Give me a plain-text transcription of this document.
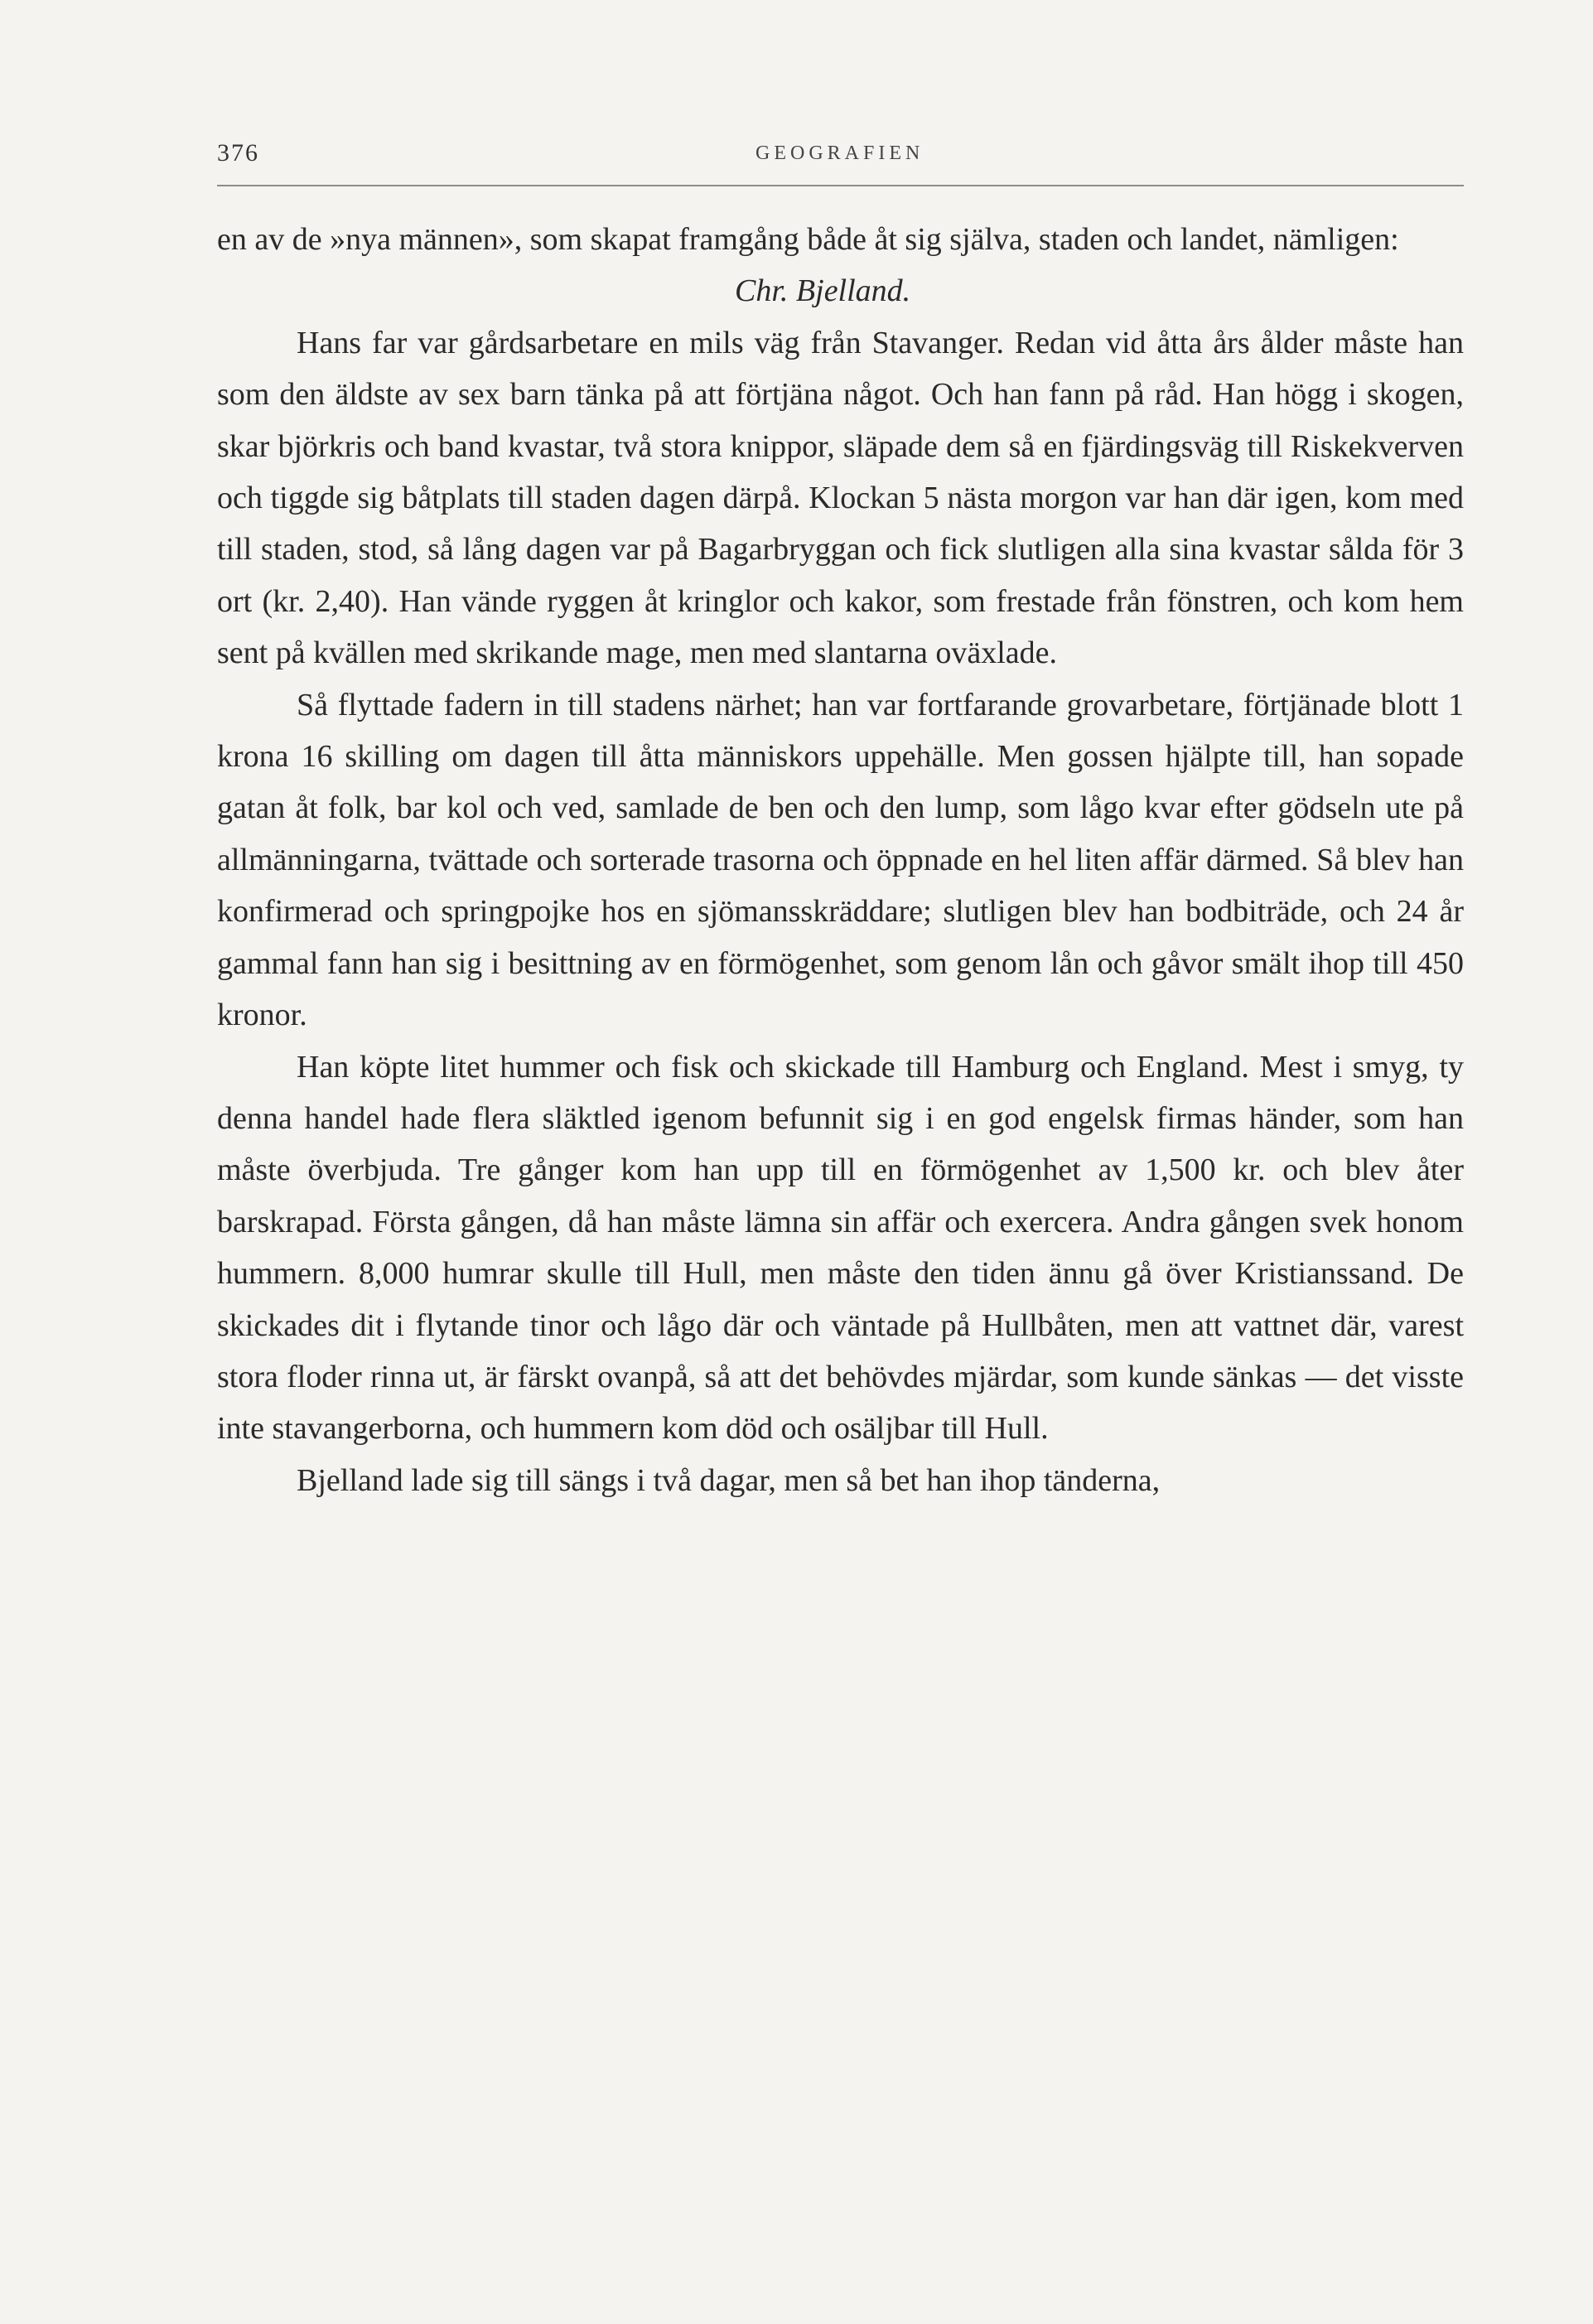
376	GEOGRAFIEN

en av de »nya männen», som skapat framgång både åt sig själva, staden och landet, nämligen:

Chr. Bjelland.

Hans far var gårdsarbetare en mils väg från Stavanger. Redan vid åtta års ålder måste han som den äldste av sex barn tänka på att förtjäna något. Och han fann på råd. Han högg i skogen, skar björkris och band kvastar, två stora knippor, släpade dem så en fjärdingsväg till Riskekverven och tiggde sig båtplats till staden dagen därpå. Klockan 5 nästa morgon var han där igen, kom med till staden, stod, så lång dagen var på Bagarbryggan och fick slutligen alla sina kvastar sålda för 3 ort (kr. 2,40). Han vände ryggen åt kringlor och kakor, som frestade från fönstren, och kom hem sent på kvällen med skrikande mage, men med slantarna oväxlade.

Så flyttade fadern in till stadens närhet; han var fortfarande grovarbetare, förtjänade blott 1 krona 16 skilling om dagen till åtta människors uppehälle. Men gossen hjälpte till, han sopade gatan åt folk, bar kol och ved, samlade de ben och den lump, som lågo kvar efter gödseln ute på allmänningarna, tvättade och sorterade trasorna och öppnade en hel liten affär därmed. Så blev han konfirmerad och springpojke hos en sjömansskräddare; slutligen blev han bodbiträde, och 24 år gammal fann han sig i besittning av en förmögenhet, som genom lån och gåvor smält ihop till 450 kronor.

Han köpte litet hummer och fisk och skickade till Hamburg och England. Mest i smyg, ty denna handel hade flera släktled igenom befunnit sig i en god engelsk firmas händer, som han måste överbjuda. Tre gånger kom han upp till en förmögenhet av 1,500 kr. och blev åter barskrapad. Första gången, då han måste lämna sin affär och exercera. Andra gången svek honom hummern. 8,000 humrar skulle till Hull, men måste den tiden ännu gå över Kristianssand. De skickades dit i flytande tinor och lågo där och väntade på Hullbåten, men att vattnet där, varest stora floder rinna ut, är färskt ovanpå, så att det behövdes mjärdar, som kunde sänkas — det visste inte stavangerborna, och hummern kom död och osäljbar till Hull.

Bjelland lade sig till sängs i två dagar, men så bet han ihop tänderna,
